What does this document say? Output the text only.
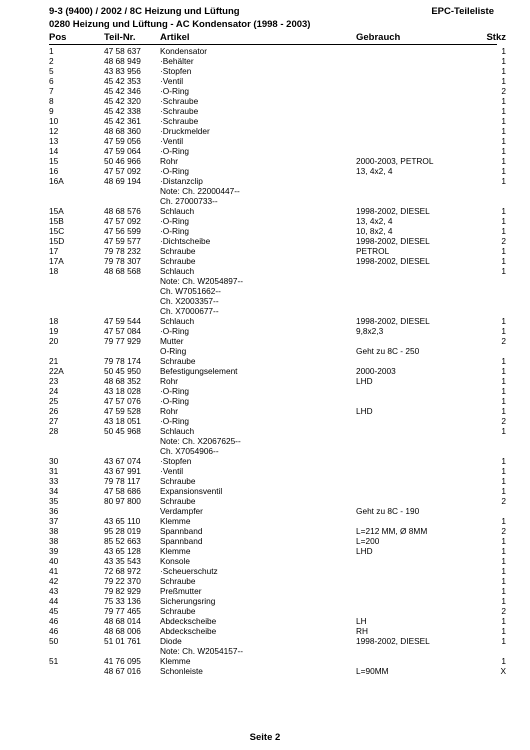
9-3 (9400) / 2002 / 8C Heizung und Lüftung
0280 Heizung und Lüftung - AC Kondensator (1998 - 2003)
EPC-Teileliste
Pos	Teil-Nr.	Artikel	Gebrauch	Stkz
1	47 58 637 Kondensator	1
2	48 68 949 ·Behälter	1
5	43 83 956 ·Stopfen	1
6	45 42 353 ·Ventil	1
7	45 42 346 ·O-Ring	2
8	45 42 320 ·Schraube	1
9	45 42 338 ·Schraube	1
10	45 42 361 ·Schraube	1
12	48 68 360 ·Druckmelder	1
13	47 59 056 ·Ventil	1
14	47 59 064 ·O-Ring	1
15	50 46 966 Rohr	2000-2003, PETROL	1
16	47 57 092 ·O-Ring	13, 4x2, 4	1
16A	48 69 194 ·Distanzclip	1
Note: Ch. 22000447--
Ch. 27000733--
15A	48 68 576 Schlauch	1998-2002, DIESEL	1
15B	47 57 092 ·O-Ring	13, 4x2, 4	1
15C	47 56 599 ·O-Ring	10, 8x2, 4	1
15D	47 59 577 ·Dichtscheibe	1998-2002, DIESEL	2
17	79 78 232 Schraube	PETROL	1
17A	79 78 307 Schraube	1998-2002, DIESEL	1
18	48 68 568 Schlauch	1
Note: Ch. W2054897--
Ch. W7051662--
Ch. X2003357--
Ch. X7000677--
18	47 59 544 Schlauch	1998-2002, DIESEL	1
19	47 57 084 ·O-Ring	9,8x2,3	1
20	79 77 929 Mutter	2
O-Ring	Geht zu 8C - 250
21	79 78 174 Schraube	1
22A	50 45 950 Befestigungselement	2000-2003	1
23	48 68 352 Rohr	LHD	1
24	43 18 028 ·O-Ring	1
25	47 57 076 ·O-Ring	1
26	47 59 528 Rohr	LHD	1
27	43 18 051 ·O-Ring	2
28	50 45 968 Schlauch	1
Note: Ch. X2067625--
Ch. X7054906--
30	43 67 074 ·Stopfen	1
31	43 67 991 ·Ventil	1
33	79 78 117 Schraube	1
34	47 58 686 Expansionsventil	1
35	80 97 800 Schraube	2
36	Verdampfer	Geht zu 8C - 190
37	43 65 110 Klemme	1
38	95 28 019 Spannband	L=212 MM, Ø 8MM	2
38	85 52 663 Spannband	L=200	1
39	43 65 128 Klemme	LHD	1
40	43 35 543 Konsole	1
41	72 68 972 ·Scheuerschutz	1
42	79 22 370 Schraube	1
43	79 82 929 Preßmutter	1
44	75 33 136 Sicherungsring	1
45	79 77 465 Schraube	2
46	48 68 014 Abdeckscheibe	LH	1
46	48 68 006 Abdeckscheibe	RH	1
50	51 01 761 Diode	1998-2002, DIESEL	1
Note: Ch. W2054157--
51	41 76 095 Klemme	1
48 67 016 Schonleiste	L=90MM	X
Seite 2
